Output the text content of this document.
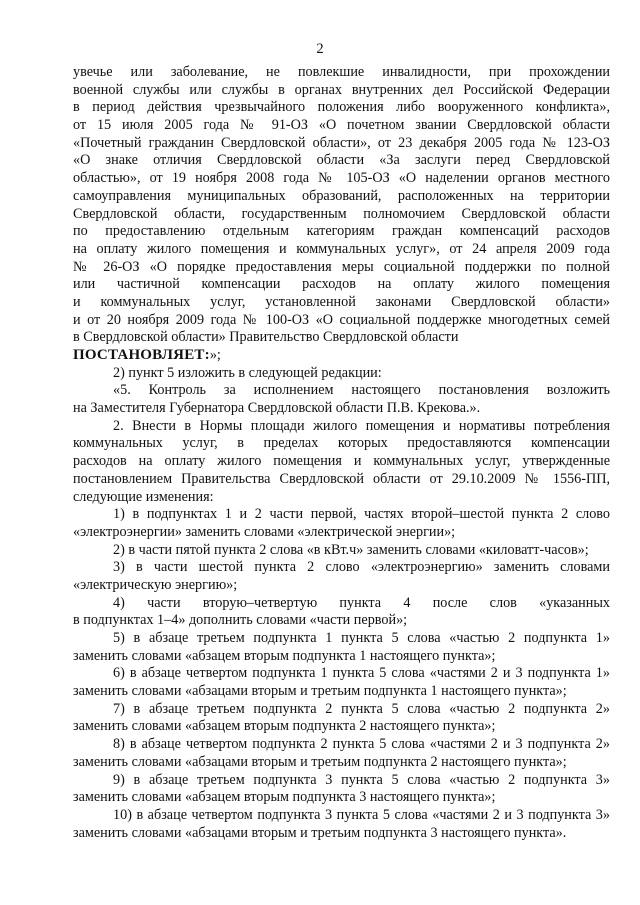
2
увечье или заболевание, не повлекшие инвалидности, при прохождении
военной службы или службы в органах внутренних дел Российской Федерации
в период действия чрезвычайного положения либо вооруженного конфликта»,
от 15 июля 2005 года № 91-ОЗ «О почетном звании Свердловской области
«Почетный гражданин Свердловской области», от 23 декабря 2005 года № 123-ОЗ
«О знаке отличия Свердловской области «За заслуги перед Свердловской
областью», от 19 ноября 2008 года № 105-ОЗ «О наделении органов местного
самоуправления муниципальных образований, расположенных на территории
Свердловской области, государственным полномочием Свердловской области
по предоставлению отдельным категориям граждан компенсаций расходов
на оплату жилого помещения и коммунальных услуг», от 24 апреля 2009 года
№ 26-ОЗ «О порядке предоставления меры социальной поддержки по полной
или частичной компенсации расходов на оплату жилого помещения
и коммунальных услуг, установленной законами Свердловской области»
и от 20 ноября 2009 года № 100-ОЗ «О социальной поддержке многодетных семей
в Свердловской области» Правительство Свердловской области
ПОСТАНОВЛЯЕТ:»;
2) пункт 5 изложить в следующей редакции:
«5. Контроль за исполнением настоящего постановления возложить
на Заместителя Губернатора Свердловской области П.В. Крекова.».
2. Внести в Нормы площади жилого помещения и нормативы потребления
коммунальных услуг, в пределах которых предоставляются компенсации
расходов на оплату жилого помещения и коммунальных услуг, утвержденные
постановлением Правительства Свердловской области от 29.10.2009 № 1556-ПП,
следующие изменения:
1) в подпунктах 1 и 2 части первой, частях второй–шестой пункта 2 слово
«электроэнергии» заменить словами «электрической энергии»;
2) в части пятой пункта 2 слова «в кВт.ч» заменить словами «киловатт-часов»;
3) в части шестой пункта 2 слово «электроэнергию» заменить словами
«электрическую энергию»;
4) части вторую–четвертую пункта 4 после слов «указанных
в подпунктах 1–4» дополнить словами «части первой»;
5) в абзаце третьем подпункта 1 пункта 5 слова «частью 2 подпункта 1»
заменить словами «абзацем вторым подпункта 1 настоящего пункта»;
6) в абзаце четвертом подпункта 1 пункта 5 слова «частями 2 и 3 подпункта 1»
заменить словами «абзацами вторым и третьим подпункта 1 настоящего пункта»;
7) в абзаце третьем подпункта 2 пункта 5 слова «частью 2 подпункта 2»
заменить словами «абзацем вторым подпункта 2 настоящего пункта»;
8) в абзаце четвертом подпункта 2 пункта 5 слова «частями 2 и 3 подпункта 2»
заменить словами «абзацами вторым и третьим подпункта 2 настоящего пункта»;
9) в абзаце третьем подпункта 3 пункта 5 слова «частью 2 подпункта 3»
заменить словами «абзацем вторым подпункта 3 настоящего пункта»;
10) в абзаце четвертом подпункта 3 пункта 5 слова «частями 2 и 3 подпункта 3»
заменить словами «абзацами вторым и третьим подпункта 3 настоящего пункта».
